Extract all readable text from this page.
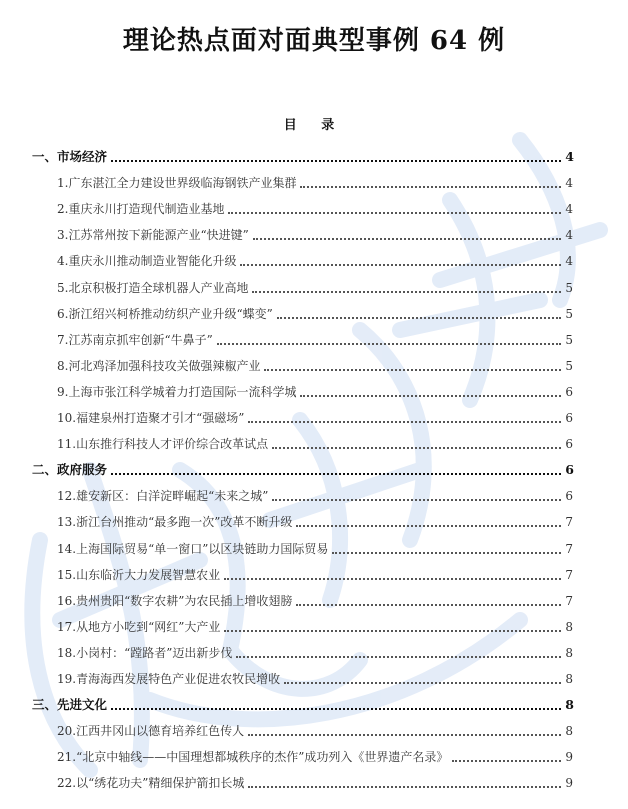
理论热点面对面典型事例 64 例
目 录
一、市场经济	4
1.广东湛江全力建设世界级临海钢铁产业集群	4
2.重庆永川打造现代制造业基地	4
3.江苏常州按下新能源产业“快进键”	4
4.重庆永川推动制造业智能化升级	4
5.北京积极打造全球机器人产业高地	5
6.浙江绍兴柯桥推动纺织产业升级“蝶变”	5
7.江苏南京抓牢创新“牛鼻子”	5
8.河北鸡泽加强科技攻关做强辣椒产业	5
9.上海市张江科学城着力打造国际一流科学城	6
10.福建泉州打造聚才引才“强磁场”	6
11.山东推行科技人才评价综合改革试点	6
二、政府服务	6
12.雄安新区：白洋淀畔崛起“未来之城”	6
13.浙江台州推动“最多跑一次”改革不断升级	7
14.上海国际贸易“单一窗口”以区块链助力国际贸易	7
15.山东临沂大力发展智慧农业	7
16.贵州贵阳“数字农耕”为农民插上增收翅膀	7
17.从地方小吃到“网红”大产业	8
18.小岗村：“蹚路者”迈出新步伐	8
19.青海海西发展特色产业促进农牧民增收	8
三、先进文化	8
20.江西井冈山以德育培养红色传人	8
21.“北京中轴线——中国理想都城秩序的杰作”成功列入《世界遗产名录》	9
22.以“绣花功夫”精细保护箭扣长城	9
